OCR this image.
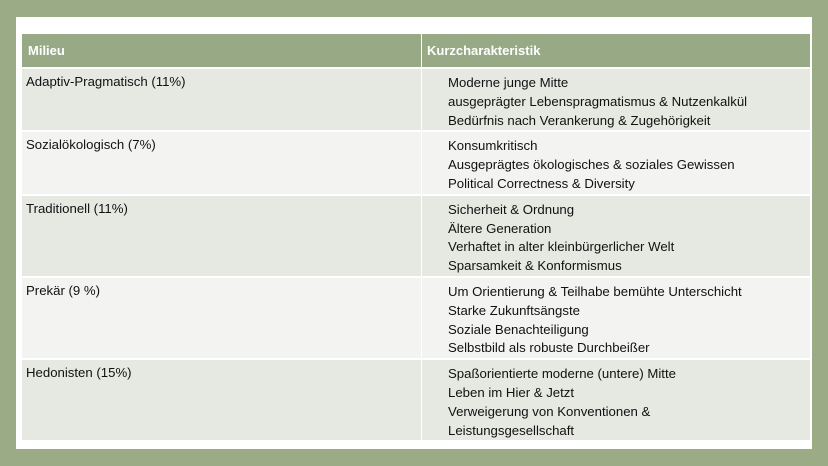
Milieu	Kurzcharakteristik

Adaptiv-Pragmatisch (11%)	Moderne junge Mitte
ausgeprägter Lebenspragmatismus & Nutzenkalkül
Bedürfnis nach Verankerung & Zugehörigkeit

Sozialökologisch (7%)	Konsumkritisch
Ausgeprägtes ökologisches & soziales Gewissen
Political Correctness & Diversity

Traditionell (11%)	Sicherheit & Ordnung
Ältere Generation
Verhaftet in alter kleinbürgerlicher Welt
Sparsamkeit & Konformismus

Prekär (9 %)	Um Orientierung & Teilhabe bemühte Unterschicht
Starke Zukunftsängste
Soziale Benachteiligung
Selbstbild als robuste Durchbeißer

Hedonisten (15%)	Spaßorientierte moderne (untere) Mitte
Leben im Hier & Jetzt
Verweigerung von Konventionen &
Leistungsgesellschaft
